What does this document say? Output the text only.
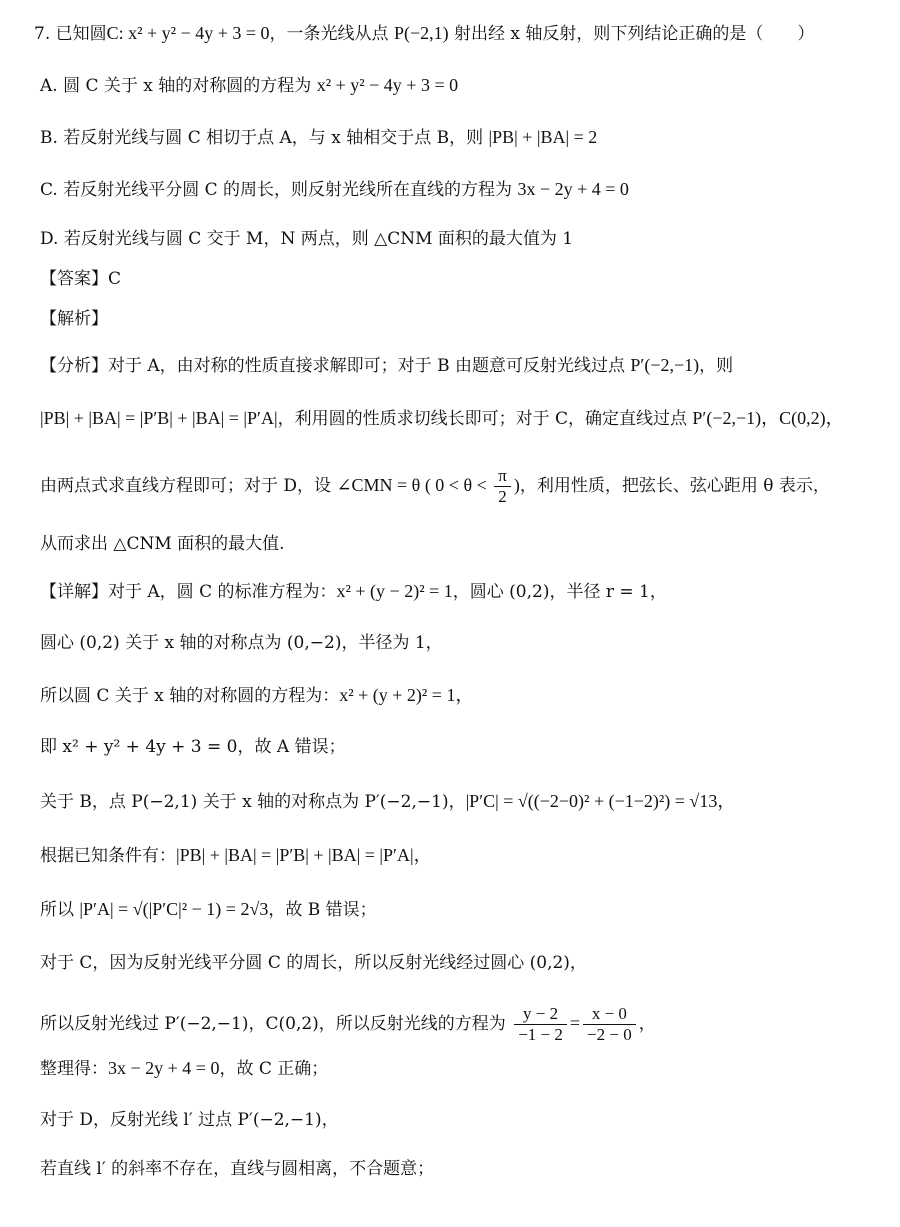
7. 已知圆C: x² + y² − 4y + 3 = 0，一条光线从点 P(−2,1) 射出经 x 轴反射，则下列结论正确的是（　　）
A. 圆 C 关于 x 轴的对称圆的方程为 x² + y² − 4y + 3 = 0
B. 若反射光线与圆 C 相切于点 A，与 x 轴相交于点 B，则 |PB| + |BA| = 2
C. 若反射光线平分圆 C 的周长，则反射光线所在直线的方程为 3x − 2y + 4 = 0
D. 若反射光线与圆 C 交于 M，N 两点，则 △CNM 面积的最大值为 1
【答案】C
【解析】
【分析】对于 A，由对称的性质直接求解即可；对于 B 由题意可反射光线过点 P′(−2,−1)，则
|PB| + |BA| = |P′B| + |BA| = |P′A|，利用圆的性质求切线长即可；对于 C，确定直线过点 P′(−2,−1)，C(0,2)，
由两点式求直线方程即可；对于 D，设 ∠CMN = θ ( $0 < \theta < \frac{\pi}{2}$ )，利用性质，把弦长、弦心距用 θ 表示，
从而求出 △CNM 面积的最大值.
【详解】对于 A，圆 C 的标准方程为：x² + (y − 2)² = 1，圆心 (0,2)，半径 r = 1，
圆心 (0,2) 关于 x 轴的对称点为 (0,−2)，半径为 1，
所以圆 C 关于 x 轴的对称圆的方程为：x² + (y + 2)² = 1，
即 x² + y² + 4y + 3 = 0，故 A 错误；
关于 B，点 P(−2,1) 关于 x 轴的对称点为 P′(−2,−1)，|P′C| = √((−2−0)² + (−1−2)²) = √13，
根据已知条件有：|PB| + |BA| = |P′B| + |BA| = |P′A|，
所以 |P′A| = √(|P′C|² − 1) = 2√3，故 B 错误；
对于 C，因为反射光线平分圆 C 的周长，所以反射光线经过圆心 (0,2)，
所以反射光线过 P′(−2,−1)，C(0,2)，所以反射光线的方程为 $\frac{y - 2}{-1 - 2} = \frac{x - 0}{-2 - 0}$ ，
整理得：3x − 2y + 4 = 0，故 C 正确；
对于 D，反射光线 l′ 过点 P′(−2,−1)，
若直线 l′ 的斜率不存在，直线与圆相离，不合题意；
